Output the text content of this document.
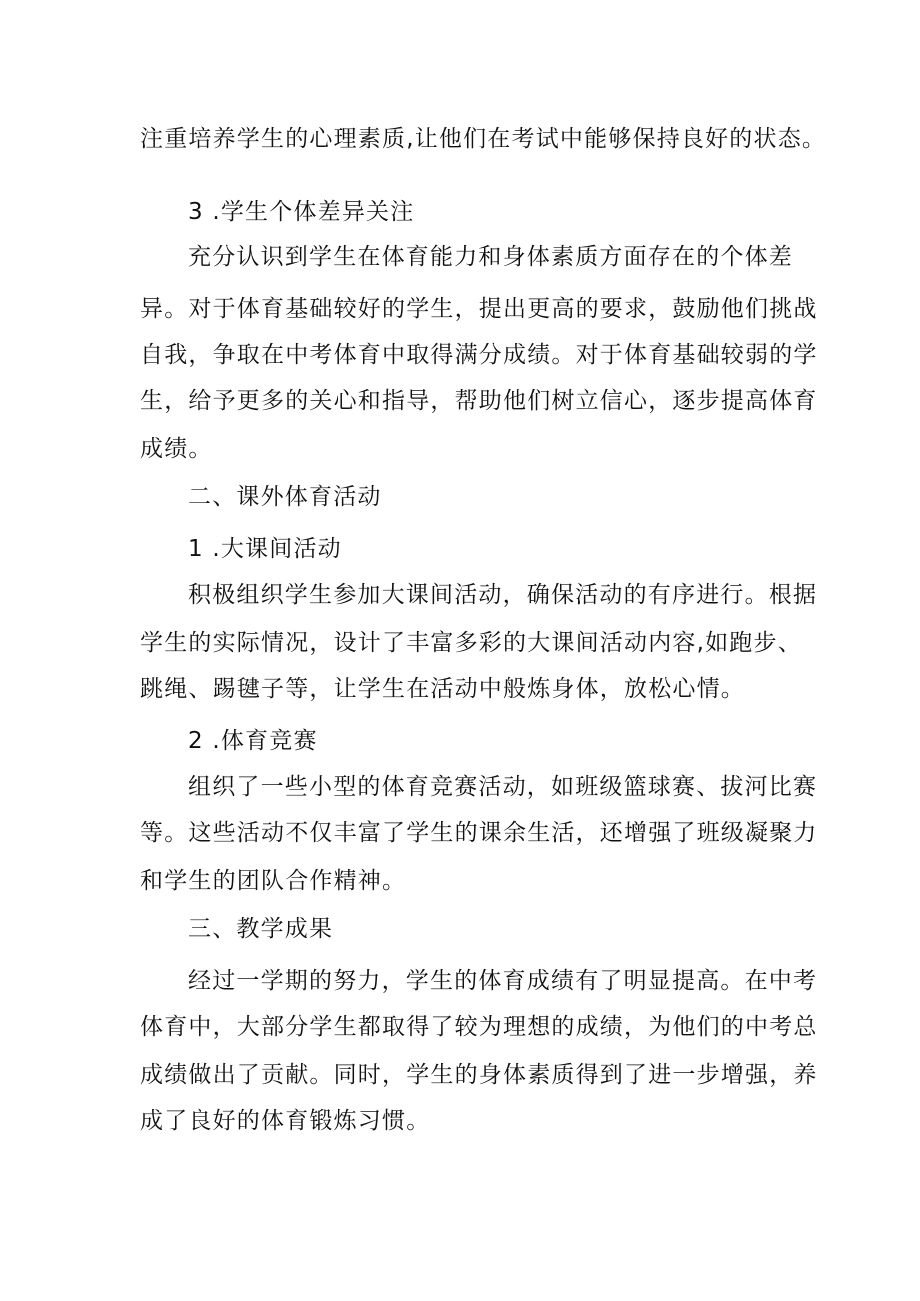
注重培养学生的心理素质,让他们在考试中能够保持良好的状态。
3 .学生个体差异关注
充分认识到学生在体育能力和身体素质方面存在的个体差
异。对于体育基础较好的学生，提出更高的要求，鼓励他们挑战
自我，争取在中考体育中取得满分成绩。对于体育基础较弱的学
生，给予更多的关心和指导，帮助他们树立信心，逐步提高体育
成绩。
二、课外体育活动
1 .大课间活动
积极组织学生参加大课间活动，确保活动的有序进行。根据
学生的实际情况，设计了丰富多彩的大课间活动内容,如跑步、
跳绳、踢毽子等，让学生在活动中般炼身体，放松心情。
2 .体育竞赛
组织了一些小型的体育竞赛活动，如班级篮球赛、拔河比赛
等。这些活动不仅丰富了学生的课余生活，还增强了班级凝聚力
和学生的团队合作精神。
三、教学成果
经过一学期的努力，学生的体育成绩有了明显提高。在中考
体育中，大部分学生都取得了较为理想的成绩，为他们的中考总
成绩做出了贡献。同时，学生的身体素质得到了进一步增强，养
成了良好的体育锻炼习惯。
